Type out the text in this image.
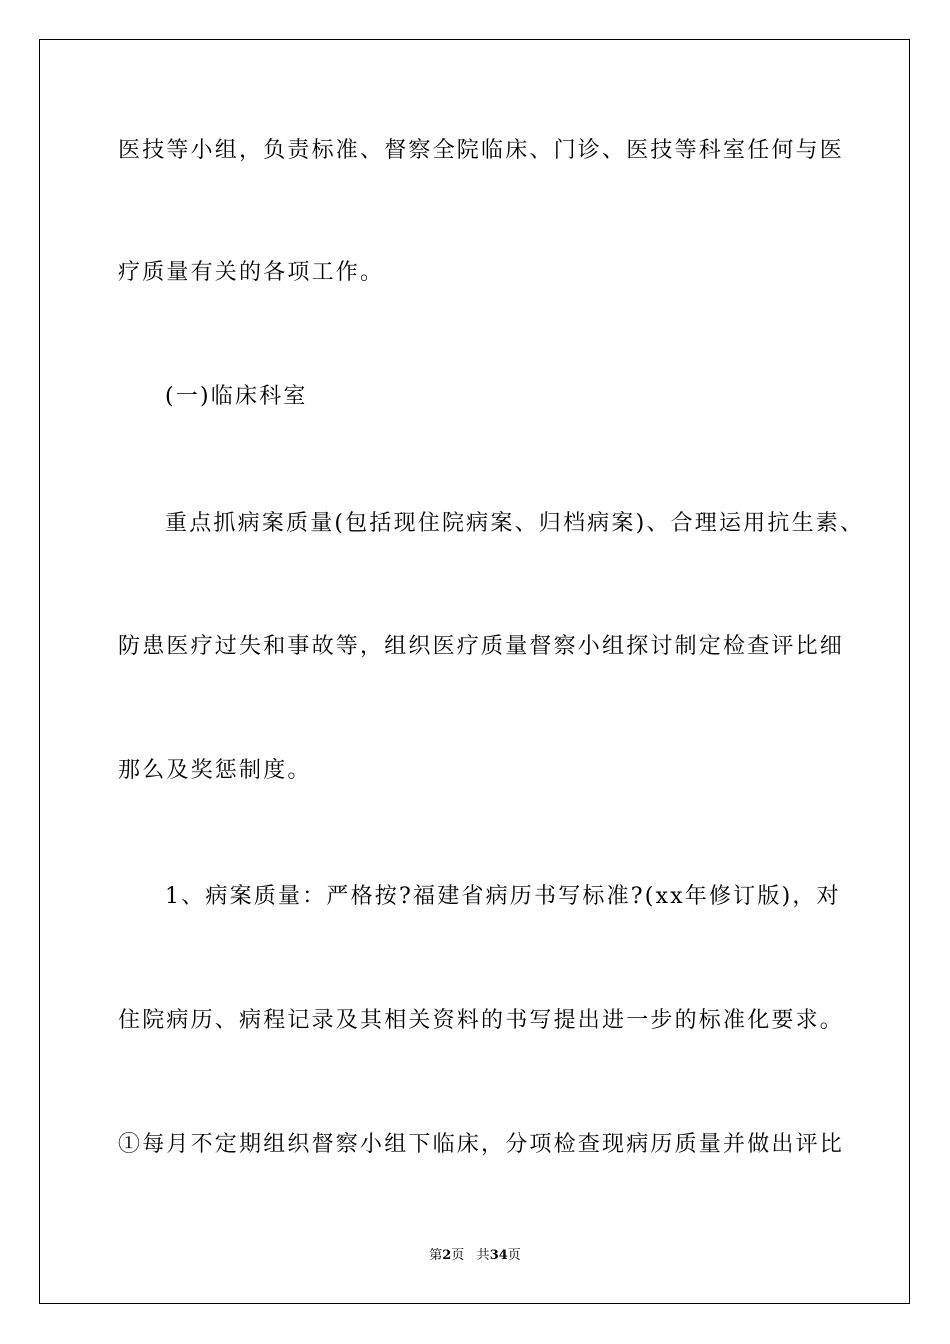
医技等小组，负责标准、督察全院临床、门诊、医技等科室任何与医
疗质量有关的各项工作。
(一)临床科室
重点抓病案质量(包括现住院病案、归档病案)、合理运用抗生素、
防患医疗过失和事故等，组织医疗质量督察小组探讨制定检查评比细
那么及奖惩制度。
1、病案质量：严格按?福建省病历书写标准?(xx年修订版)，对
住院病历、病程记录及其相关资料的书写提出进一步的标准化要求。
①每月不定期组织督察小组下临床，分项检查现病历质量并做出评比
第2页 共34页
